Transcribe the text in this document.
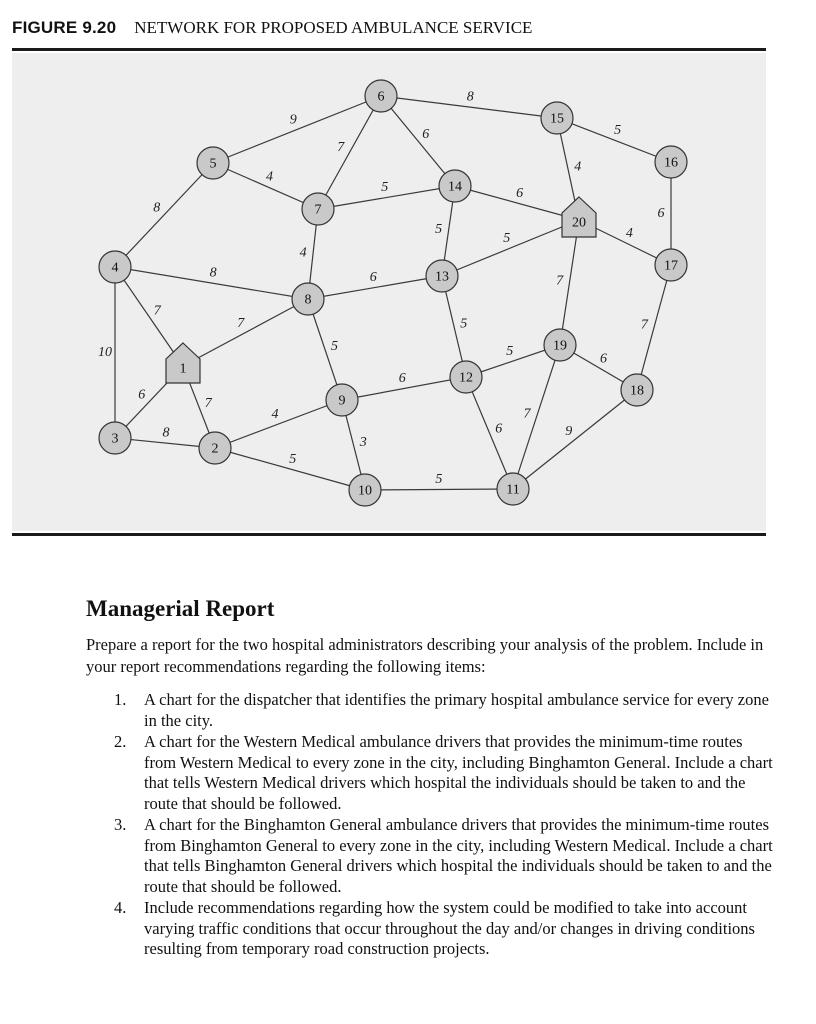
FIGURE 9.20 NETWORK FOR PROPOSED AMBULANCE SERVICE
10
8
7
8
6
8
7
7
9
4
7
6
8
5
4
6
5
4
5
3
6
5
5
6
5
5
5
6
7
7
6
4
5
6
4
7
9
1
2
3
4
5
6
7
8
9
10	11
12
13
14
15
16
17
18
19
20
Managerial Report

Prepare a report for the two hospital administrators describing your analysis of the problem. Include in your report recommendations regarding the following items:

1. A chart for the dispatcher that identifies the primary hospital ambulance service for every zone in the city.
2. A chart for the Western Medical ambulance drivers that provides the minimum-time routes from Western Medical to every zone in the city, including Binghamton General. Include a chart that tells Western Medical drivers which hospital the individuals should be taken to and the route that should be followed.
3. A chart for the Binghamton General ambulance drivers that provides the minimum-time routes from Binghamton General to every zone in the city, including Western Medical. Include a chart that tells Binghamton General drivers which hospital the individuals should be taken to and the route that should be followed.
4. Include recommendations regarding how the system could be modified to take into account varying traffic conditions that occur throughout the day and/or changes in driving conditions resulting from temporary road construction projects.
